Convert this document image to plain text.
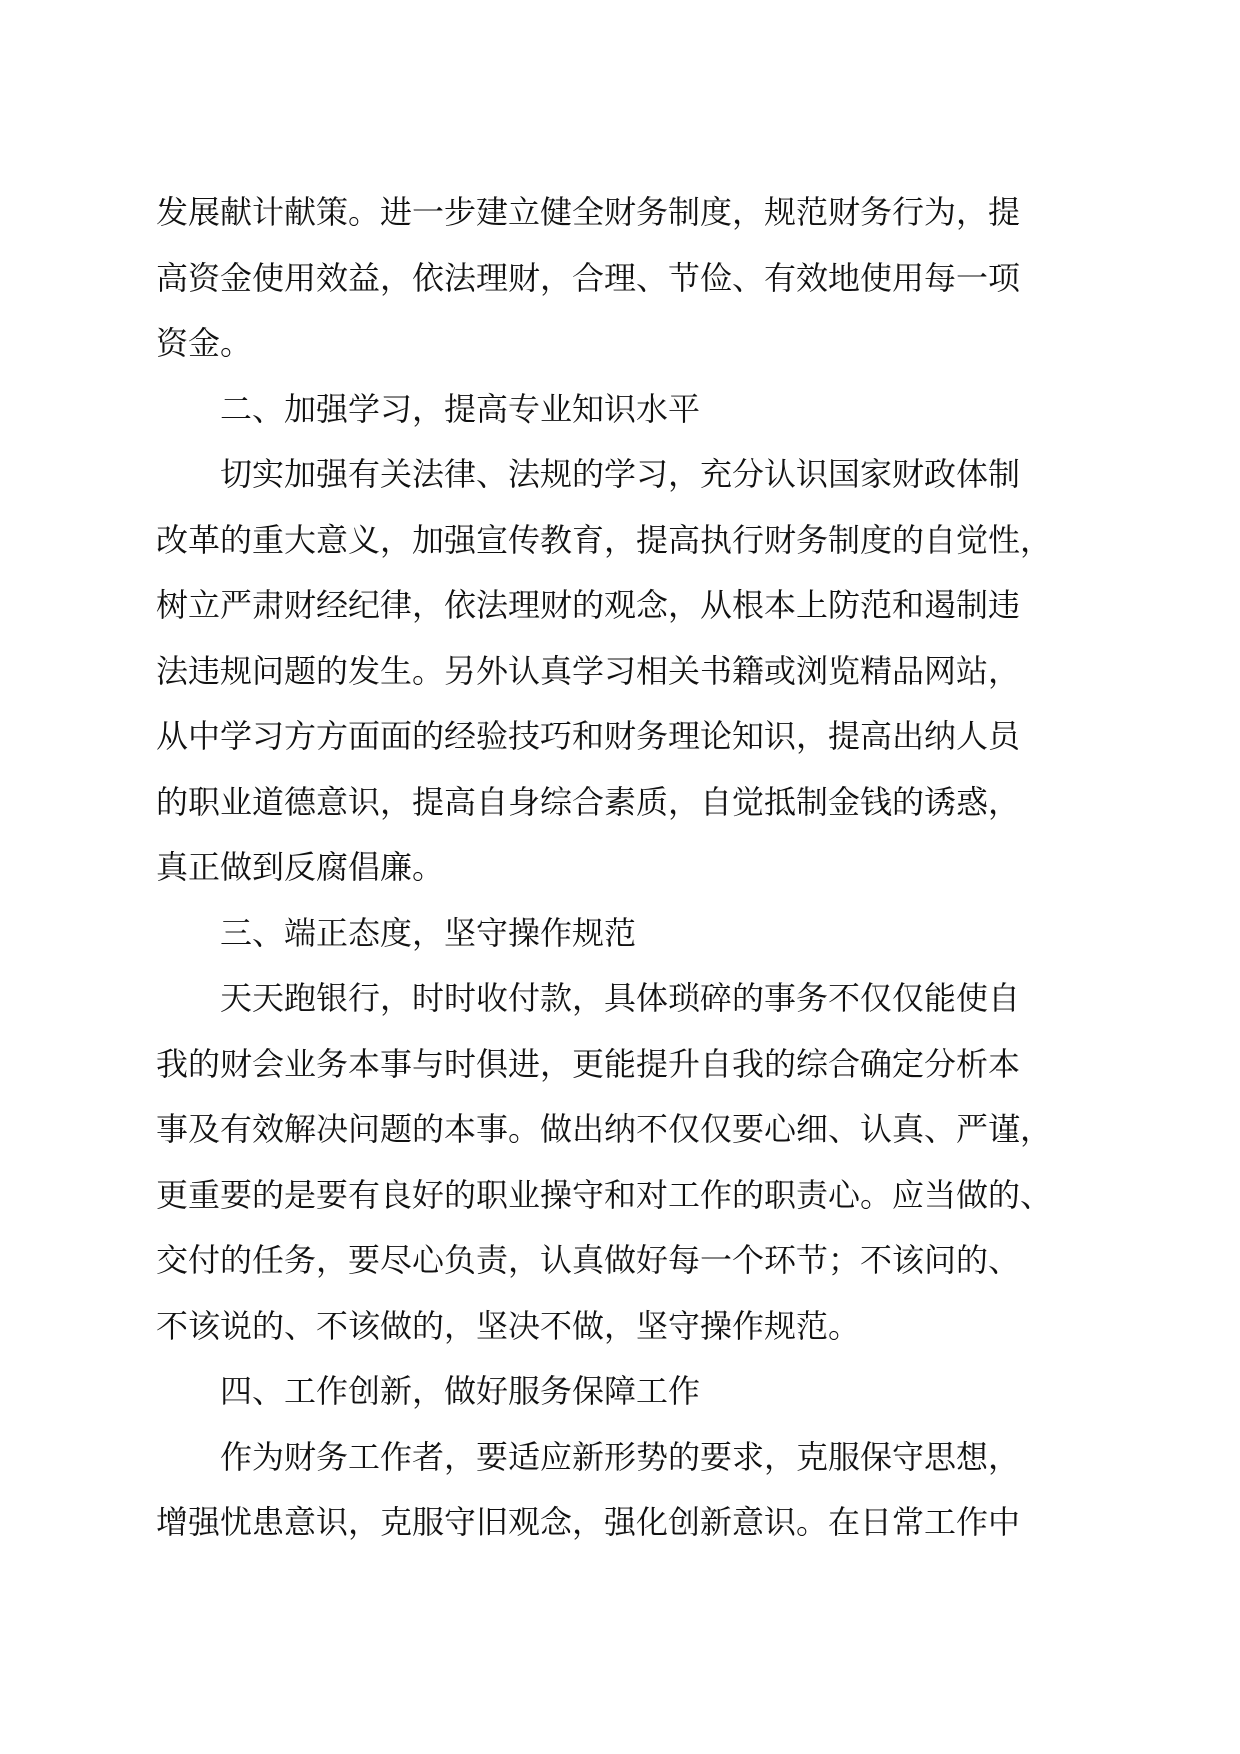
发展献计献策。进一步建立健全财务制度，规范财务行为，提

高资金使用效益，依法理财，合理、节俭、有效地使用每一项

资金。

二、加强学习，提高专业知识水平

切实加强有关法律、法规的学习，充分认识国家财政体制

改革的重大意义，加强宣传教育，提高执行财务制度的自觉性，

树立严肃财经纪律，依法理财的观念，从根本上防范和遏制违

法违规问题的发生。另外认真学习相关书籍或浏览精品网站，

从中学习方方面面的经验技巧和财务理论知识，提高出纳人员

的职业道德意识，提高自身综合素质，自觉抵制金钱的诱惑，

真正做到反腐倡廉。

三、端正态度，坚守操作规范

天天跑银行，时时收付款，具体琐碎的事务不仅仅能使自

我的财会业务本事与时俱进，更能提升自我的综合确定分析本

事及有效解决问题的本事。做出纳不仅仅要心细、认真、严谨，

更重要的是要有良好的职业操守和对工作的职责心。应当做的、

交付的任务，要尽心负责，认真做好每一个环节；不该问的、

不该说的、不该做的，坚决不做，坚守操作规范。

四、工作创新，做好服务保障工作

作为财务工作者，要适应新形势的要求，克服保守思想，

增强忧患意识，克服守旧观念，强化创新意识。在日常工作中
